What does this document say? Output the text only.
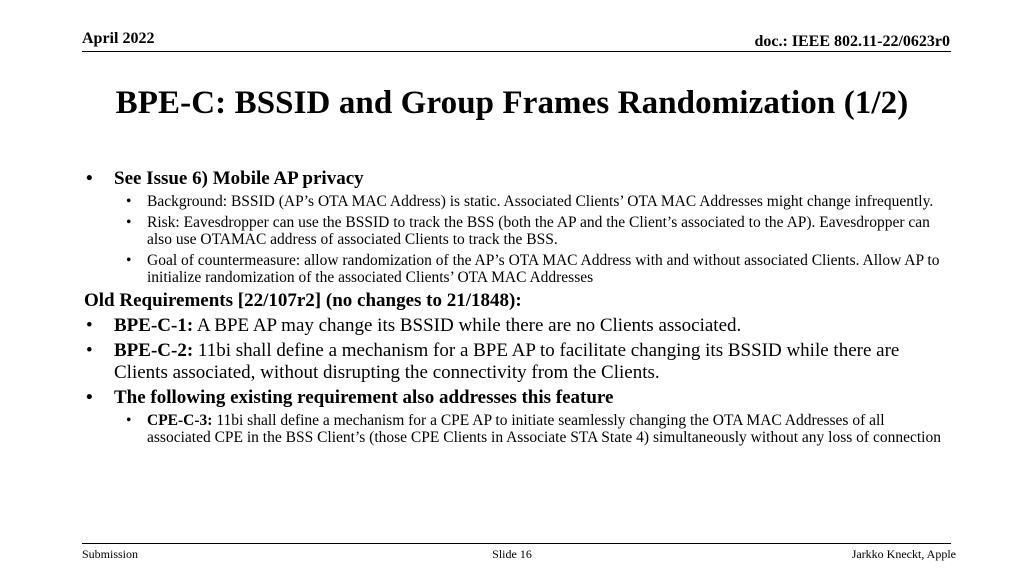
April 2022	doc.: IEEE 802.11-22/0623r0
BPE-C: BSSID and Group Frames Randomization (1/2)
• See Issue 6) Mobile AP privacy
• Background: BSSID (AP’s OTA MAC Address) is static. Associated Clients’ OTA MAC Addresses might change infrequently.
• Risk: Eavesdropper can use the BSSID to track the BSS (both the AP and the Client’s associated to the AP). Eavesdropper can also use OTAMAC address of associated Clients to track the BSS.
• Goal of countermeasure: allow randomization of the AP’s OTA MAC Address with and without associated Clients. Allow AP to initialize randomization of the associated Clients’ OTA MAC Addresses
Old Requirements [22/107r2] (no changes to 21/1848):
• BPE-C-1: A BPE AP may change its BSSID while there are no Clients associated.
• BPE-C-2: 11bi shall define a mechanism for a BPE AP to facilitate changing its BSSID while there are Clients associated, without disrupting the connectivity from the Clients.
• The following existing requirement also addresses this feature
• CPE-C-3: 11bi shall define a mechanism for a CPE AP to initiate seamlessly changing the OTA MAC Addresses of all associated CPE in the BSS Client’s (those CPE Clients in Associate STA State 4) simultaneously without any loss of connection
Submission	Slide 16	Jarkko Kneckt, Apple
